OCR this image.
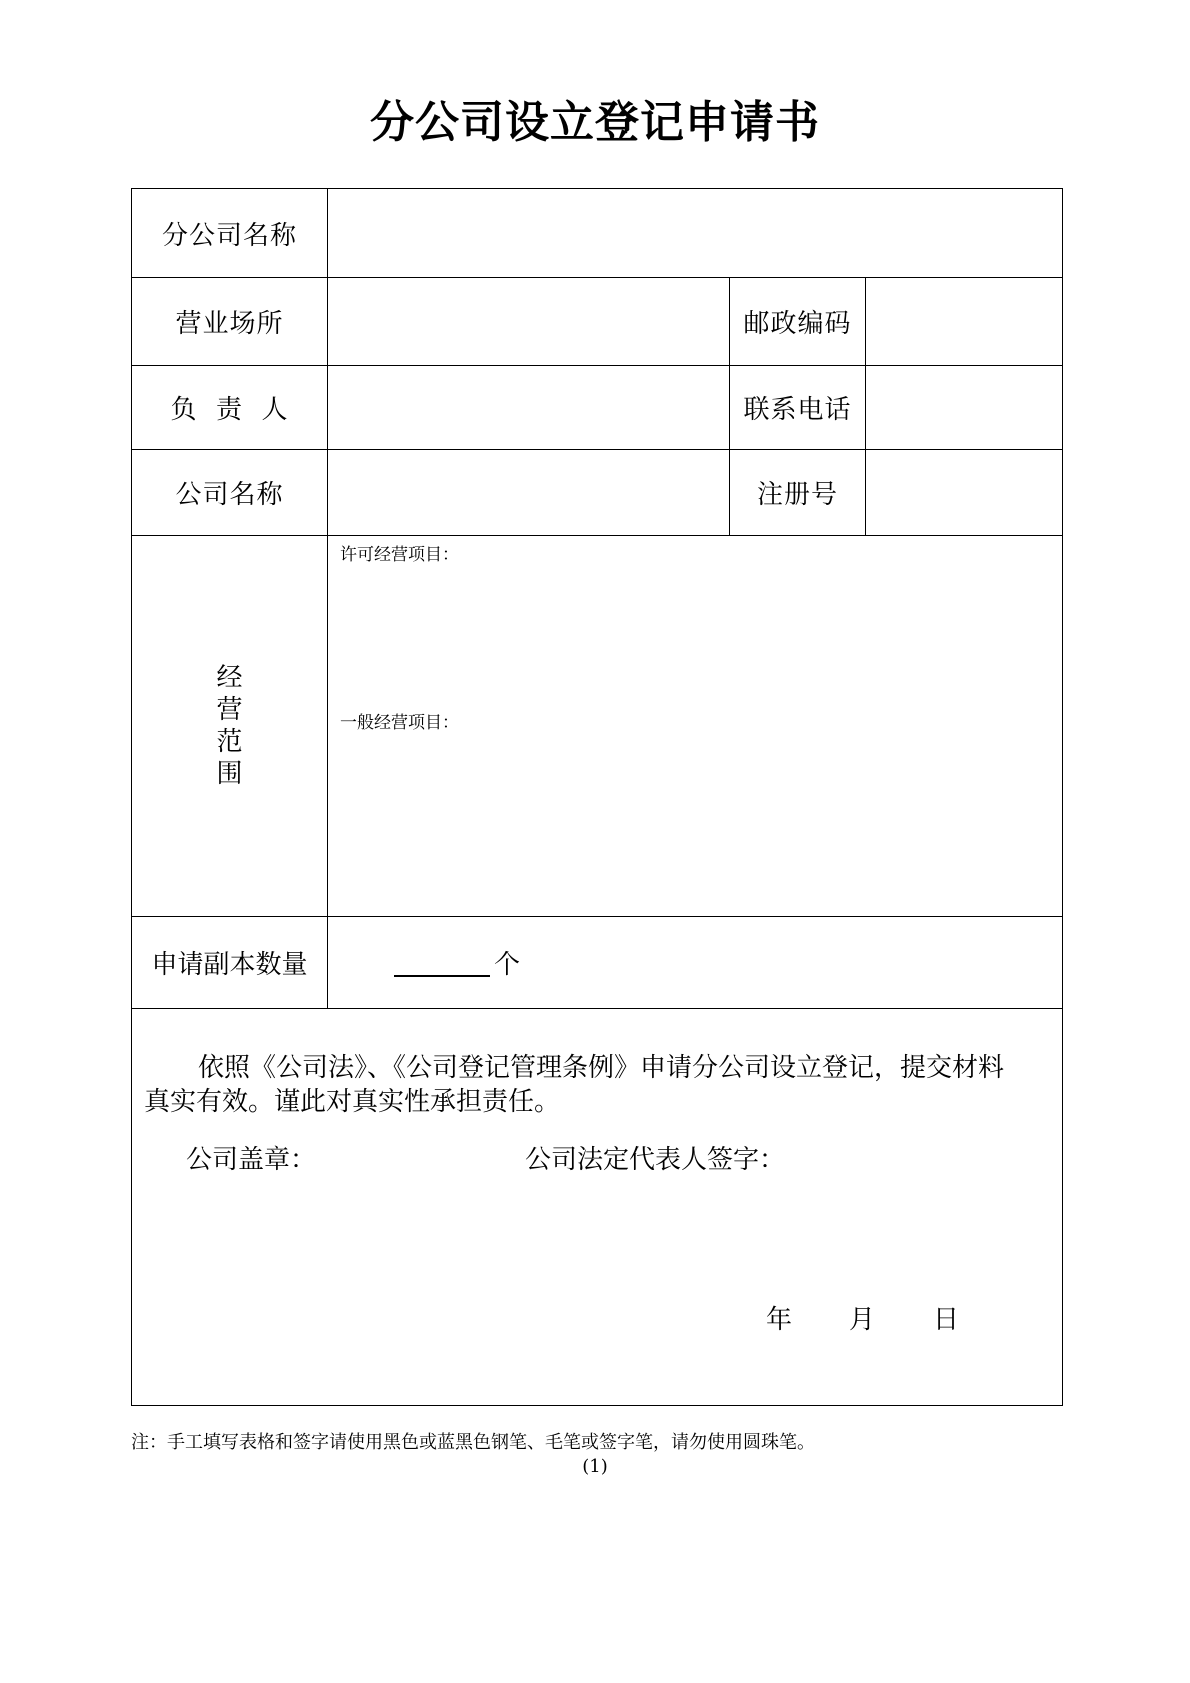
分公司设立登记申请书
分公司名称
营业场所	邮政编码
负  责  人	联系电话
公司名称	注册号
经
营
范
围
许可经营项目：
一般经营项目：
申请副本数量	个

依照《公司法》、《公司登记管理条例》申请分公司设立登记，提交材料

真实有效。谨此对真实性承担责任。

公司盖章：	公司法定代表人签字：

年 月 日

注：手工填写表格和签字请使用黑色或蓝黑色钢笔、毛笔或签字笔，请勿使用圆珠笔。
(1)
